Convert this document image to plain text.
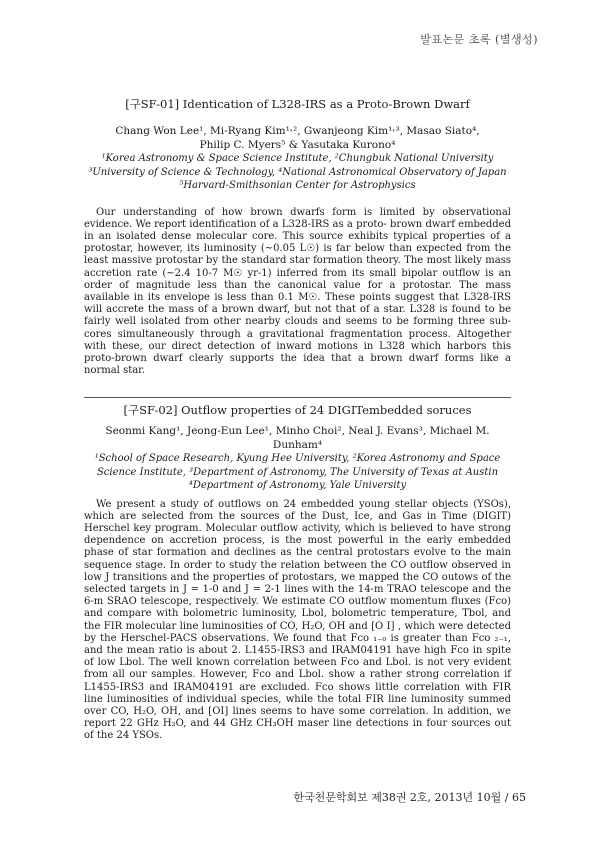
발표논문 초록 (별생성)

[구SF-01] Identication of L328-IRS as a Proto-Brown Dwarf

Chang Won Lee¹, Mi-Ryang Kim¹˒², Gwanjeong Kim¹˒³, Masao Siato⁴,

Philip C. Myers⁵ & Yasutaka Kurono⁴

¹Korea Astronomy & Space Science Institute, ²Chungbuk National University

³University of Science & Technology, ⁴National Astronomical Observatory of Japan

⁵Harvard-Smithsonian Center for Astrophysics

Our understanding of how brown dwarfs form is limited by observational evidence. We report identification of a L328-IRS as a proto- brown dwarf embedded in an isolated dense molecular core. This source exhibits typical properties of a protostar, however, its luminosity (~0.05 L☉) is far below than expected from the least massive protostar by the standard star formation theory. The most likely mass accretion rate (~2.4 10-7 M☉ yr-1) inferred from its small bipolar outflow is an order of magnitude less than the canonical value for a protostar. The mass available in its envelope is less than 0.1 M☉. These points suggest that L328-IRS will accrete the mass of a brown dwarf, but not that of a star. L328 is found to be fairly well isolated from other nearby clouds and seems to be forming three sub-cores simultaneously through a gravitational fragmentation process. Altogether with these, our direct detection of inward motions in L328 which harbors this proto-brown dwarf clearly supports the idea that a brown dwarf forms like a normal star.

[구SF-02] Outflow properties of 24 DIGITembedded soruces

Seonmi Kang¹, Jeong-Eun Lee¹, Minho Choi², Neal J. Evans³, Michael M. Dunham⁴

¹School of Space Research, Kyung Hee University, ²Korea Astronomy and Space

Science Institute, ³Department of Astronomy, The University of Texas at Austin

⁴Department of Astronomy, Yale University

We present a study of outflows on 24 embedded young stellar objects (YSOs), which are selected from the sources of the Dust, Ice, and Gas in Time (DIGIT) Herschel key program. Molecular outflow activity, which is believed to have strong dependence on accretion process, is the most powerful in the early embedded phase of star formation and declines as the central protostars evolve to the main sequence stage. In order to study the relation between the CO outflow observed in low J transitions and the properties of protostars, we mapped the CO outows of the selected targets in J = 1-0 and J = 2-1 lines with the 14-m TRAO telescope and the 6-m SRAO telescope, respectively. We estimate CO outflow momentum fluxes (Fco) and compare with bolometric luminosity, Lbol, bolometric temperature, Tbol, and the FIR molecular line luminosities of CO, H₂O, OH and [O I] , which were detected by the Herschel-PACS observations. We found that Fco ₁₋₀ is greater than Fco ₂₋₁, and the mean ratio is about 2. L1455-IRS3 and IRAM04191 have high Fco in spite of low Lbol. The well known correlation between Fco and Lbol. is not very evident from all our samples. However, Fco and Lbol. show a rather strong correlation if L1455-IRS3 and IRAM04191 are excluded. Fco shows little correlation with FIR line luminosities of individual species, while the total FIR line luminosity summed over CO, H₂O, OH, and [OI] lines seems to have some correlation. In addition, we report 22 GHz H₂O, and 44 GHz CH₃OH maser line detections in four sources out of the 24 YSOs.

한국천문학회보 제38권 2호, 2013년 10월 / 65
